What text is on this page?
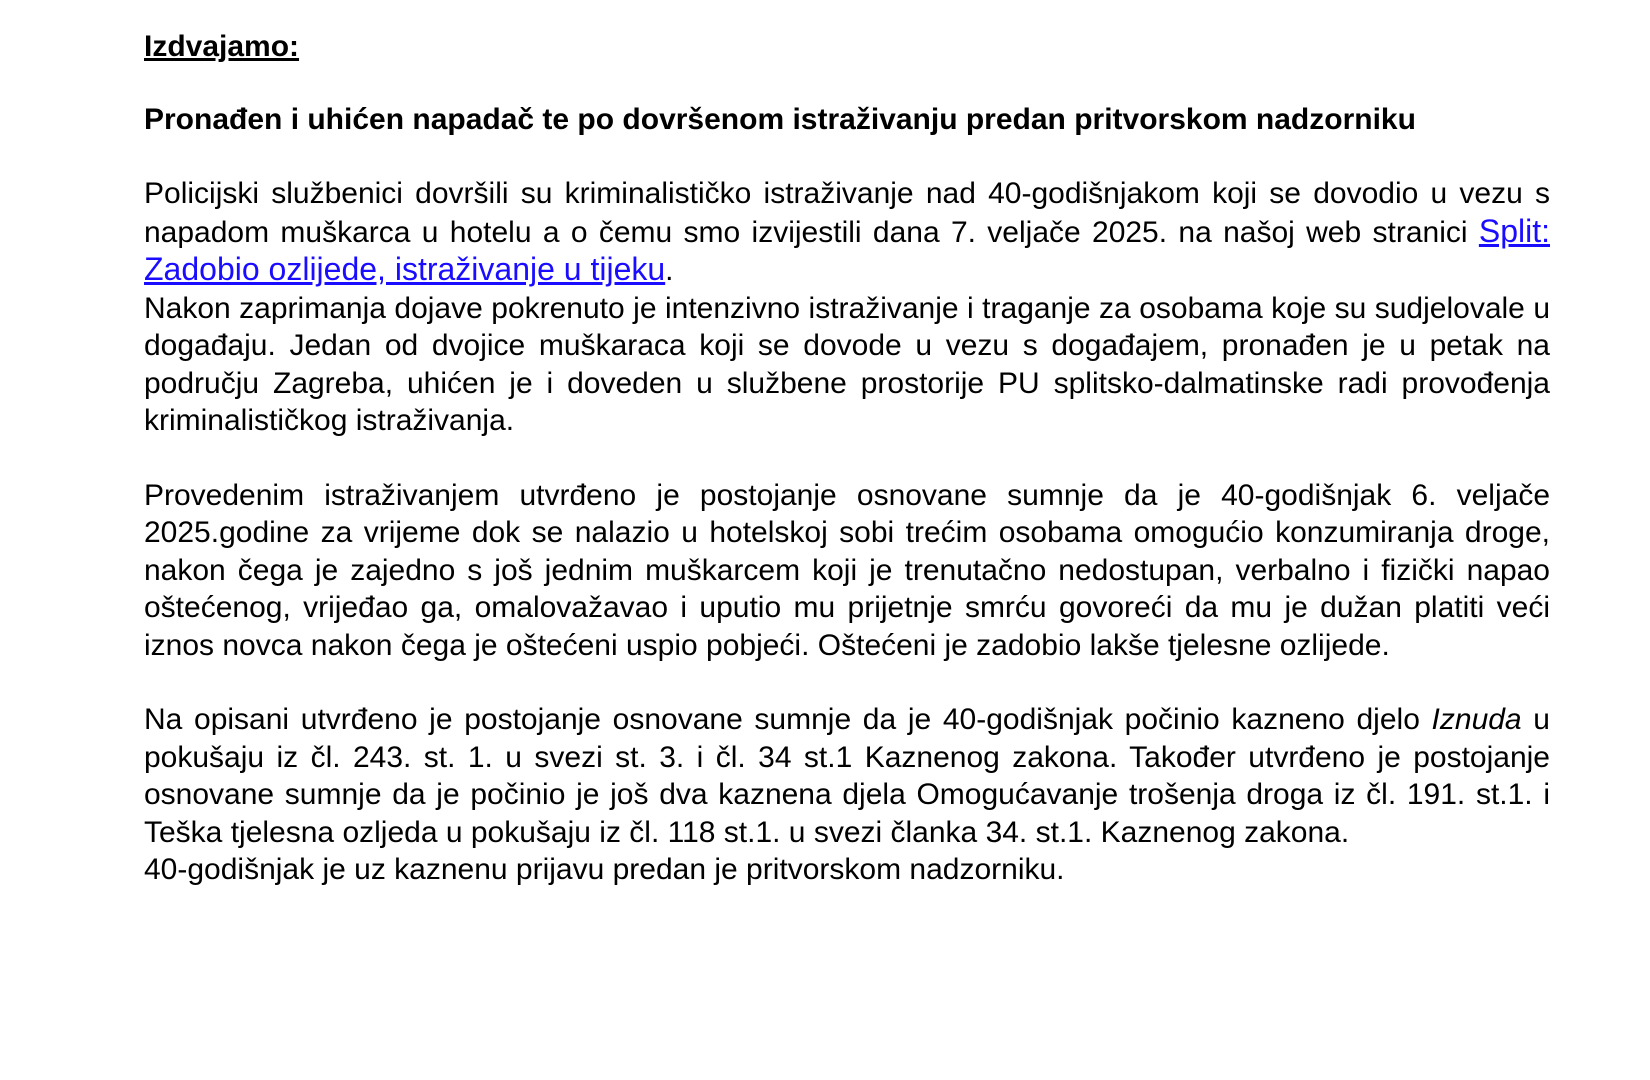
Izdvajamo:
Pronađen i uhićen napadač te po dovršenom istraživanju predan pritvorskom nadzorniku

Policijski službenici dovršili su kriminalističko istraživanje nad 40-godišnjakom koji se dovodio u vezu s napadom muškarca u hotelu a o čemu smo izvijestili dana 7. veljače 2025. na našoj web stranici Split: Zadobio ozlijede, istraživanje u tijeku.

Nakon zaprimanja dojave pokrenuto je intenzivno istraživanje i traganje za osobama koje su sudjelovale u događaju. Jedan od dvojice muškaraca koji se dovode u vezu s događajem, pronađen je u petak na području Zagreba, uhićen je i doveden u službene prostorije PU splitsko-dalmatinske radi provođenja kriminalističkog istraživanja.

Provedenim istraživanjem utvrđeno je postojanje osnovane sumnje da je 40-godišnjak 6. veljače 2025.godine za vrijeme dok se nalazio u hotelskoj sobi trećim osobama omogućio konzumiranja droge, nakon čega je zajedno s još jednim muškarcem koji je trenutačno nedostupan, verbalno i fizički napao oštećenog, vrijeđao ga, omalovažavao i uputio mu prijetnje smrću govoreći da mu je dužan platiti veći iznos novca nakon čega je oštećeni uspio pobjeći. Oštećeni je zadobio lakše tjelesne ozlijede.

Na opisani utvrđeno je postojanje osnovane sumnje da je 40-godišnjak počinio kazneno djelo Iznuda u pokušaju iz čl. 243. st. 1. u svezi st. 3. i čl. 34 st.1 Kaznenog zakona. Također utvrđeno je postojanje osnovane sumnje da je počinio je još dva kaznena djela Omogućavanje trošenja droga iz čl. 191. st.1. i Teška tjelesna ozljeda u pokušaju iz čl. 118 st.1. u svezi članka 34. st.1. Kaznenog zakona.

40-godišnjak je uz kaznenu prijavu predan je pritvorskom nadzorniku.
